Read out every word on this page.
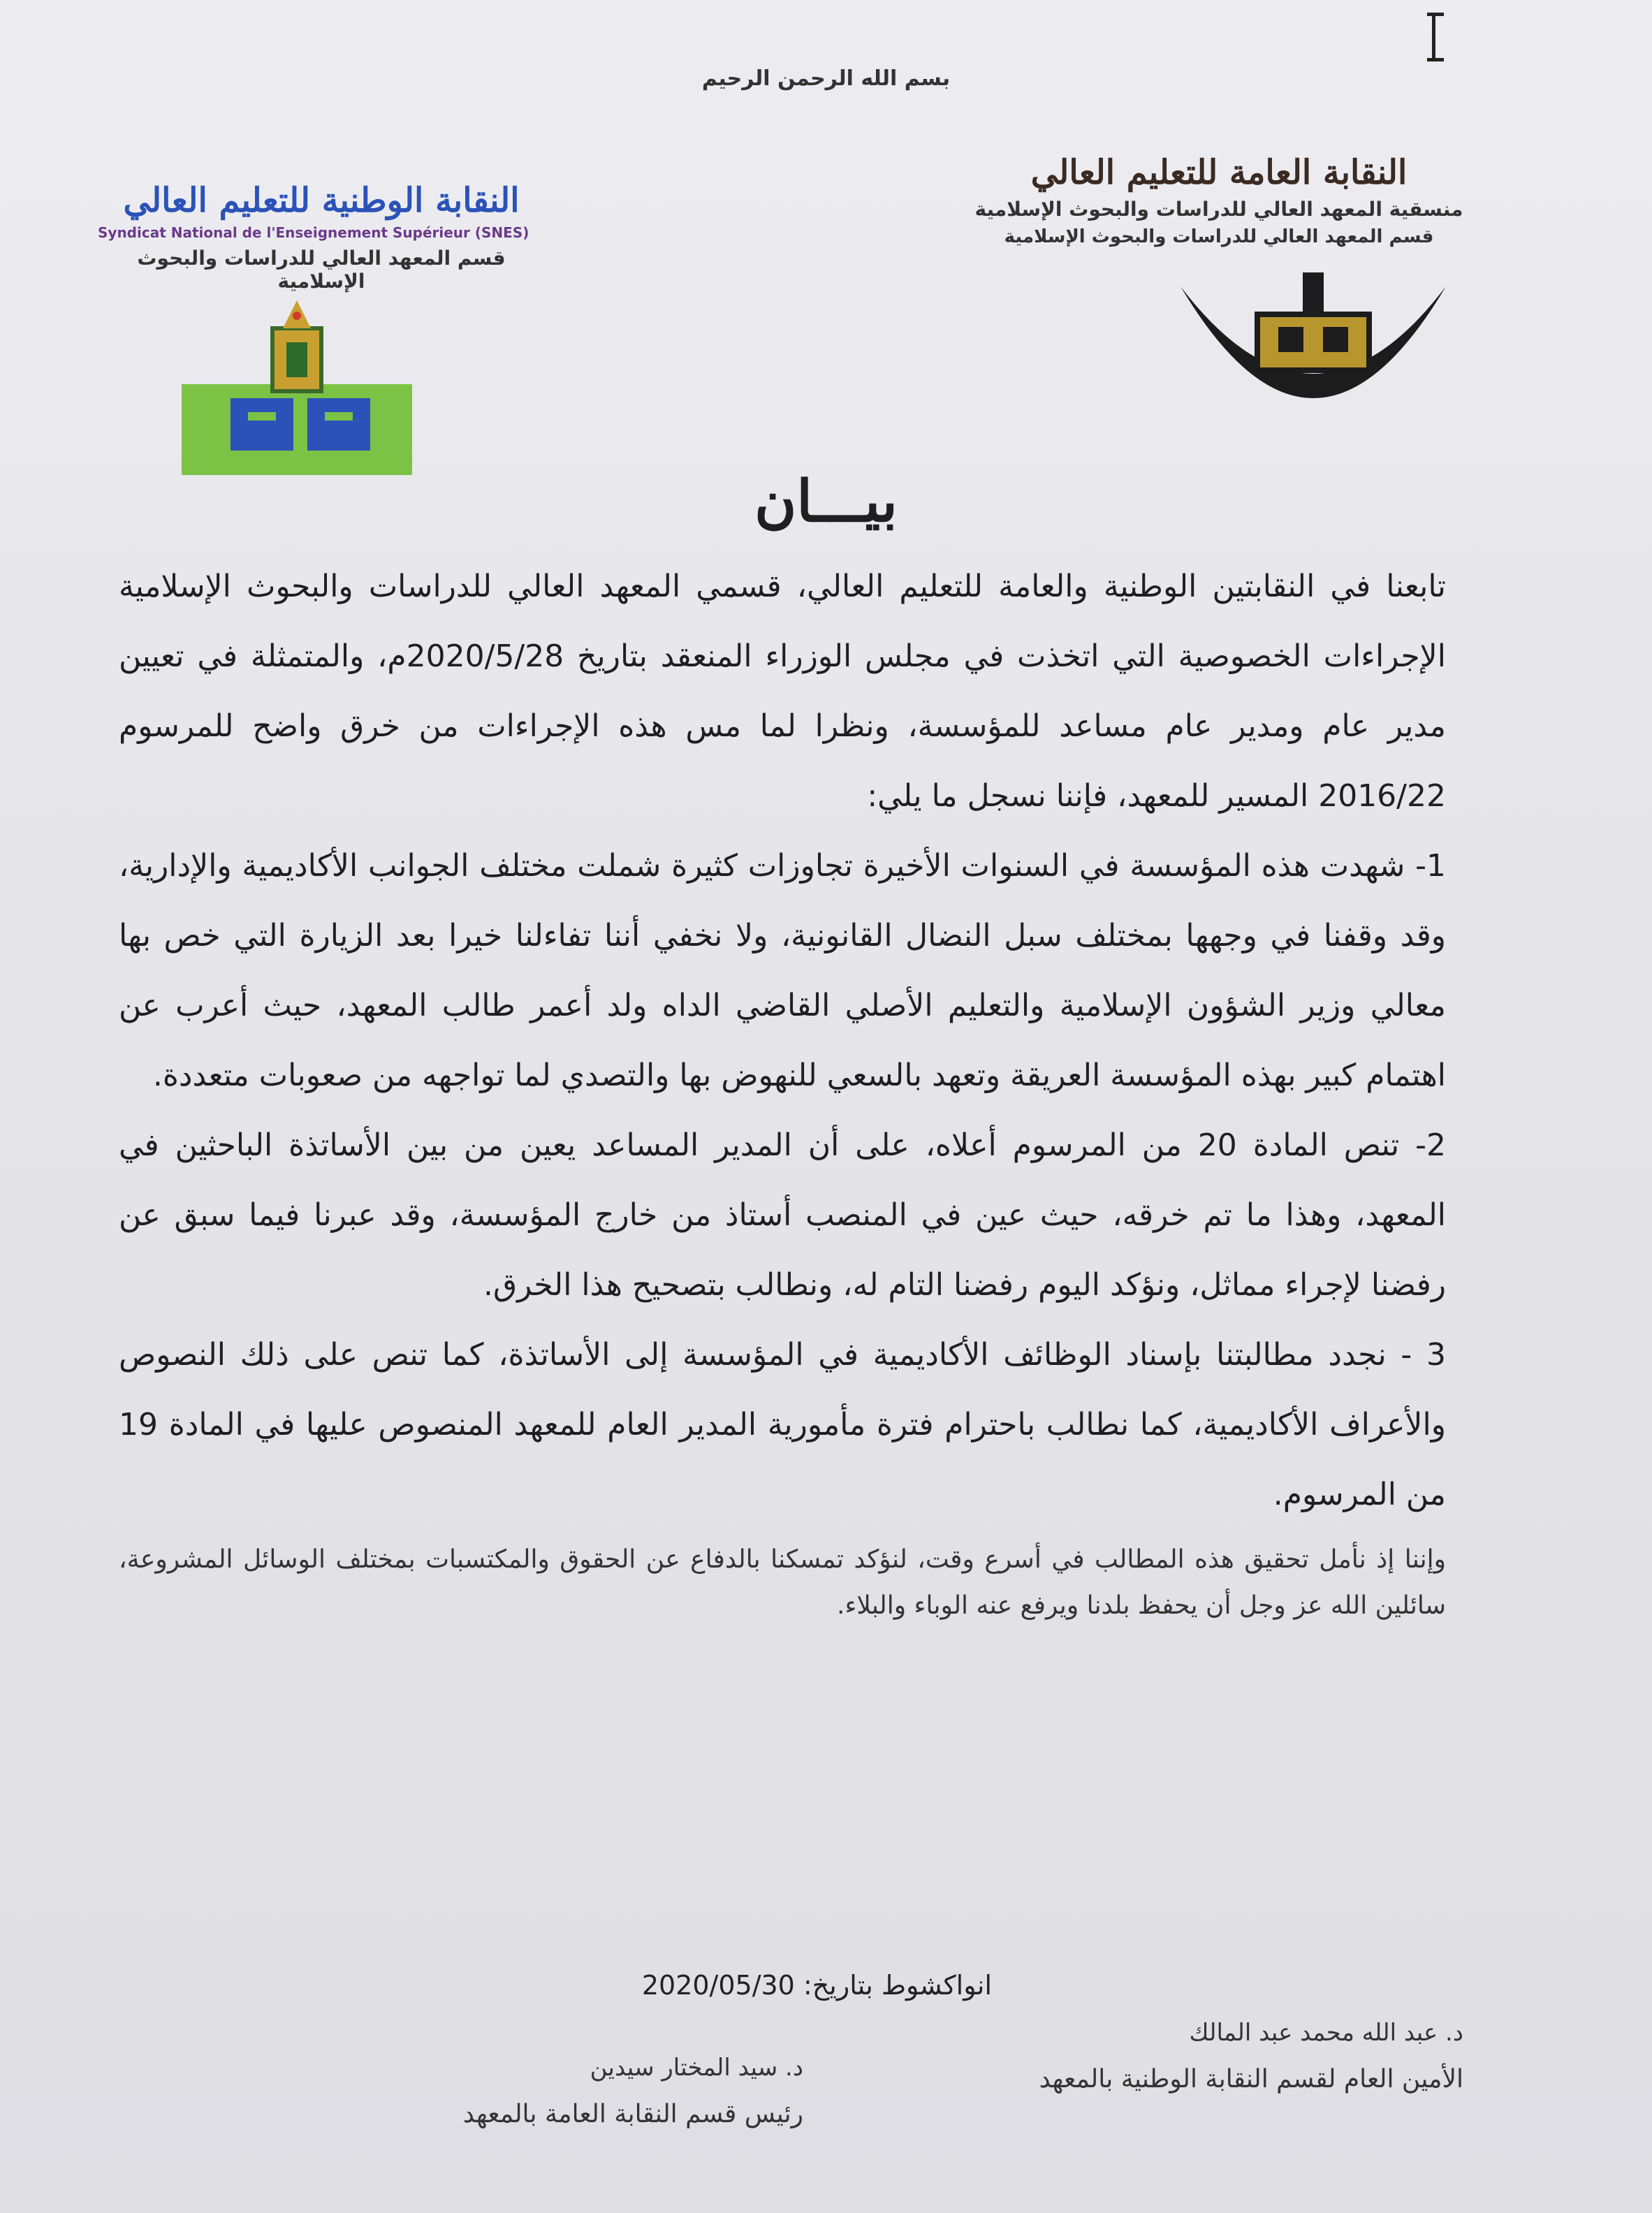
بسم الله الرحمن الرحيم
النقابة العامة للتعليم العالي
منسقية المعهد العالي للدراسات والبحوث الإسلامية
قسم المعهد العالي للدراسات والبحوث الإسلامية
النقابة الوطنية للتعليم العالي
Syndicat National de l'Enseignement Supérieur (SNES)
قسم المعهد العالي للدراسات والبحوث الإسلامية
بيـــان

تابعنا في النقابتين الوطنية والعامة للتعليم العالي، قسمي المعهد العالي للدراسات والبحوث الإسلامية الإجراءات الخصوصية التي اتخذت في مجلس الوزراء المنعقد بتاريخ 2020/5/28م، والمتمثلة في تعيين مدير عام ومدير عام مساعد للمؤسسة، ونظرا لما مس هذه الإجراءات من خرق واضح للمرسوم 2016/22 المسير للمعهد، فإننا نسجل ما يلي:

1- شهدت هذه المؤسسة في السنوات الأخيرة تجاوزات كثيرة شملت مختلف الجوانب الأكاديمية والإدارية، وقد وقفنا في وجهها بمختلف سبل النضال القانونية، ولا نخفي أننا تفاءلنا خيرا بعد الزيارة التي خص بها معالي وزير الشؤون الإسلامية والتعليم الأصلي القاضي الداه ولد أعمر طالب المعهد، حيث أعرب عن اهتمام كبير بهذه المؤسسة العريقة وتعهد بالسعي للنهوض بها والتصدي لما تواجهه من صعوبات متعددة.

2- تنص المادة 20 من المرسوم أعلاه، على أن المدير المساعد يعين من بين الأساتذة الباحثين في المعهد، وهذا ما تم خرقه، حيث عين في المنصب أستاذ من خارج المؤسسة، وقد عبرنا فيما سبق عن رفضنا لإجراء مماثل، ونؤكد اليوم رفضنا التام له، ونطالب بتصحيح هذا الخرق.

3 - نجدد مطالبتنا بإسناد الوظائف الأكاديمية في المؤسسة إلى الأساتذة، كما تنص على ذلك النصوص والأعراف الأكاديمية، كما نطالب باحترام فترة مأمورية المدير العام للمعهد المنصوص عليها في المادة 19 من المرسوم.

وإننا إذ نأمل تحقيق هذه المطالب في أسرع وقت، لنؤكد تمسكنا بالدفاع عن الحقوق والمكتسبات بمختلف الوسائل المشروعة، سائلين الله عز وجل أن يحفظ بلدنا ويرفع عنه الوباء والبلاء.

انواكشوط بتاريخ: 2020/05/30
د. عبد الله محمد عبد المالك
الأمين العام لقسم النقابة الوطنية بالمعهد
د. سيد المختار سيدين
رئيس قسم النقابة العامة بالمعهد
